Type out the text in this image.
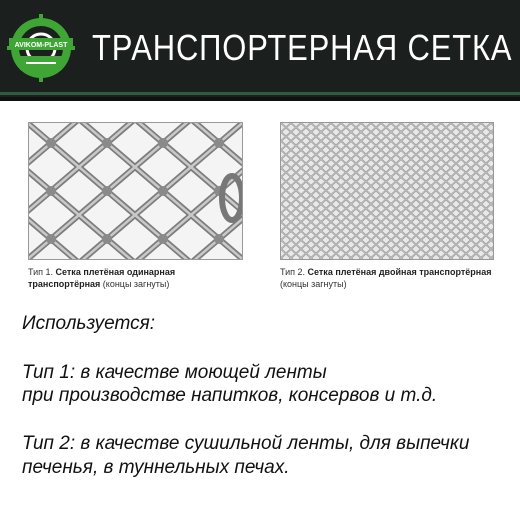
AVIKOM-PLAST ТРАНСПОРТЕРНАЯ СЕТКА
Тип 1. Сетка плетёная одинарная транспортёрная (концы загнуты)
Тип 2. Сетка плетёная двойная транспортёрная (концы загнуты)
Используется:
Тип 1: в качестве моющей ленты
при производстве напитков, консервов и т.д.
Тип 2: в качестве сушильной ленты, для выпечки
печенья, в туннельных печах.
